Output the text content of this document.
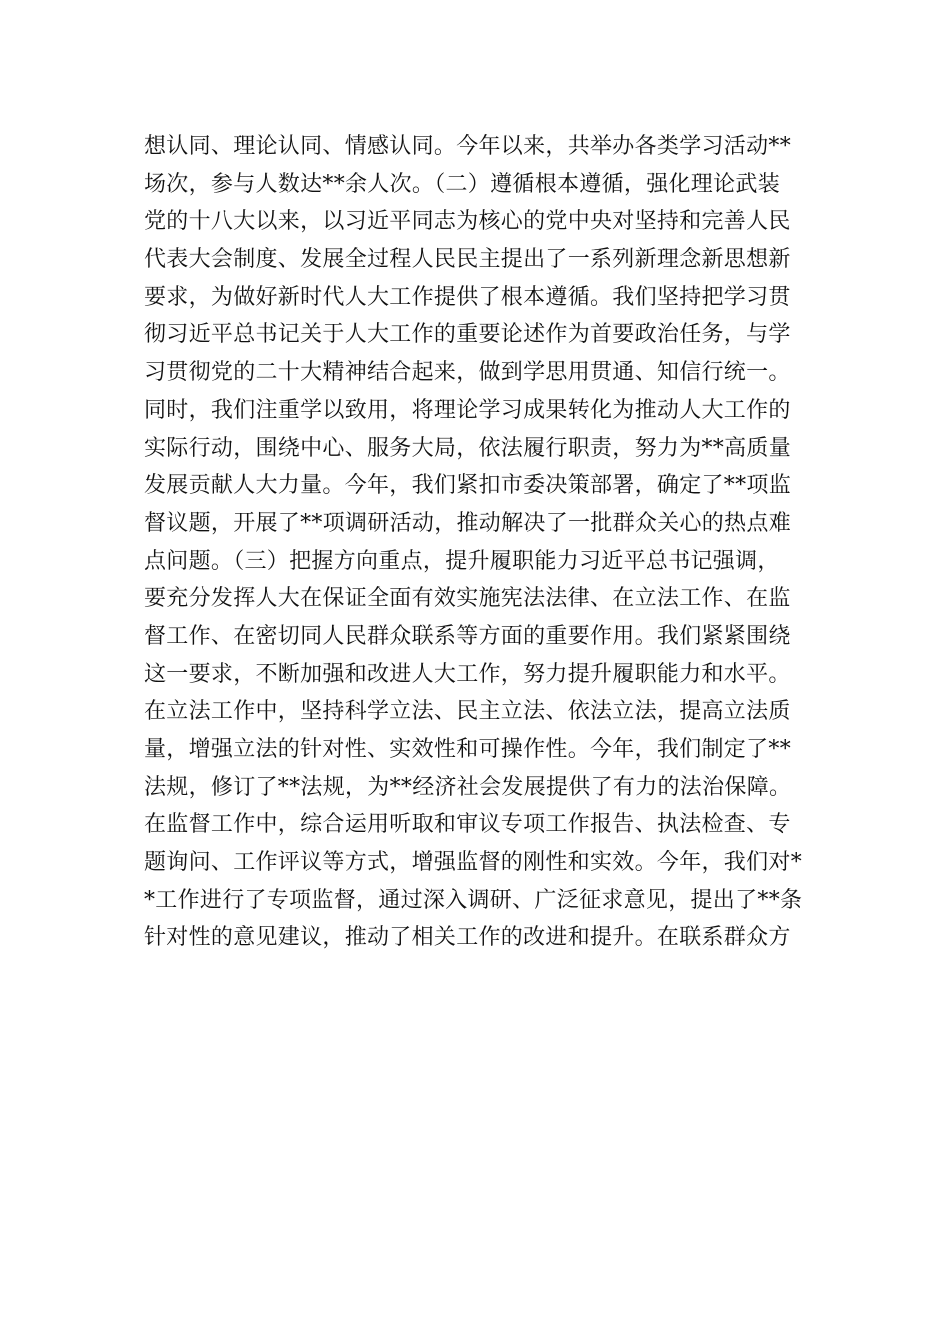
想认同、理论认同、情感认同。今年以来，共举办各类学习活动**
场次，参与人数达**余人次。（二）遵循根本遵循，强化理论武装
党的十八大以来，以习近平同志为核心的党中央对坚持和完善人民
代表大会制度、发展全过程人民民主提出了一系列新理念新思想新
要求，为做好新时代人大工作提供了根本遵循。我们坚持把学习贯
彻习近平总书记关于人大工作的重要论述作为首要政治任务，与学
习贯彻党的二十大精神结合起来，做到学思用贯通、知信行统一。
同时，我们注重学以致用，将理论学习成果转化为推动人大工作的
实际行动，围绕中心、服务大局，依法履行职责，努力为**高质量
发展贡献人大力量。今年，我们紧扣市委决策部署，确定了**项监
督议题，开展了**项调研活动，推动解决了一批群众关心的热点难
点问题。（三）把握方向重点，提升履职能力习近平总书记强调，
要充分发挥人大在保证全面有效实施宪法法律、在立法工作、在监
督工作、在密切同人民群众联系等方面的重要作用。我们紧紧围绕
这一要求，不断加强和改进人大工作，努力提升履职能力和水平。
在立法工作中，坚持科学立法、民主立法、依法立法，提高立法质
量，增强立法的针对性、实效性和可操作性。今年，我们制定了**
法规，修订了**法规，为**经济社会发展提供了有力的法治保障。
在监督工作中，综合运用听取和审议专项工作报告、执法检查、专
题询问、工作评议等方式，增强监督的刚性和实效。今年，我们对*
*工作进行了专项监督，通过深入调研、广泛征求意见，提出了**条
针对性的意见建议，推动了相关工作的改进和提升。在联系群众方
